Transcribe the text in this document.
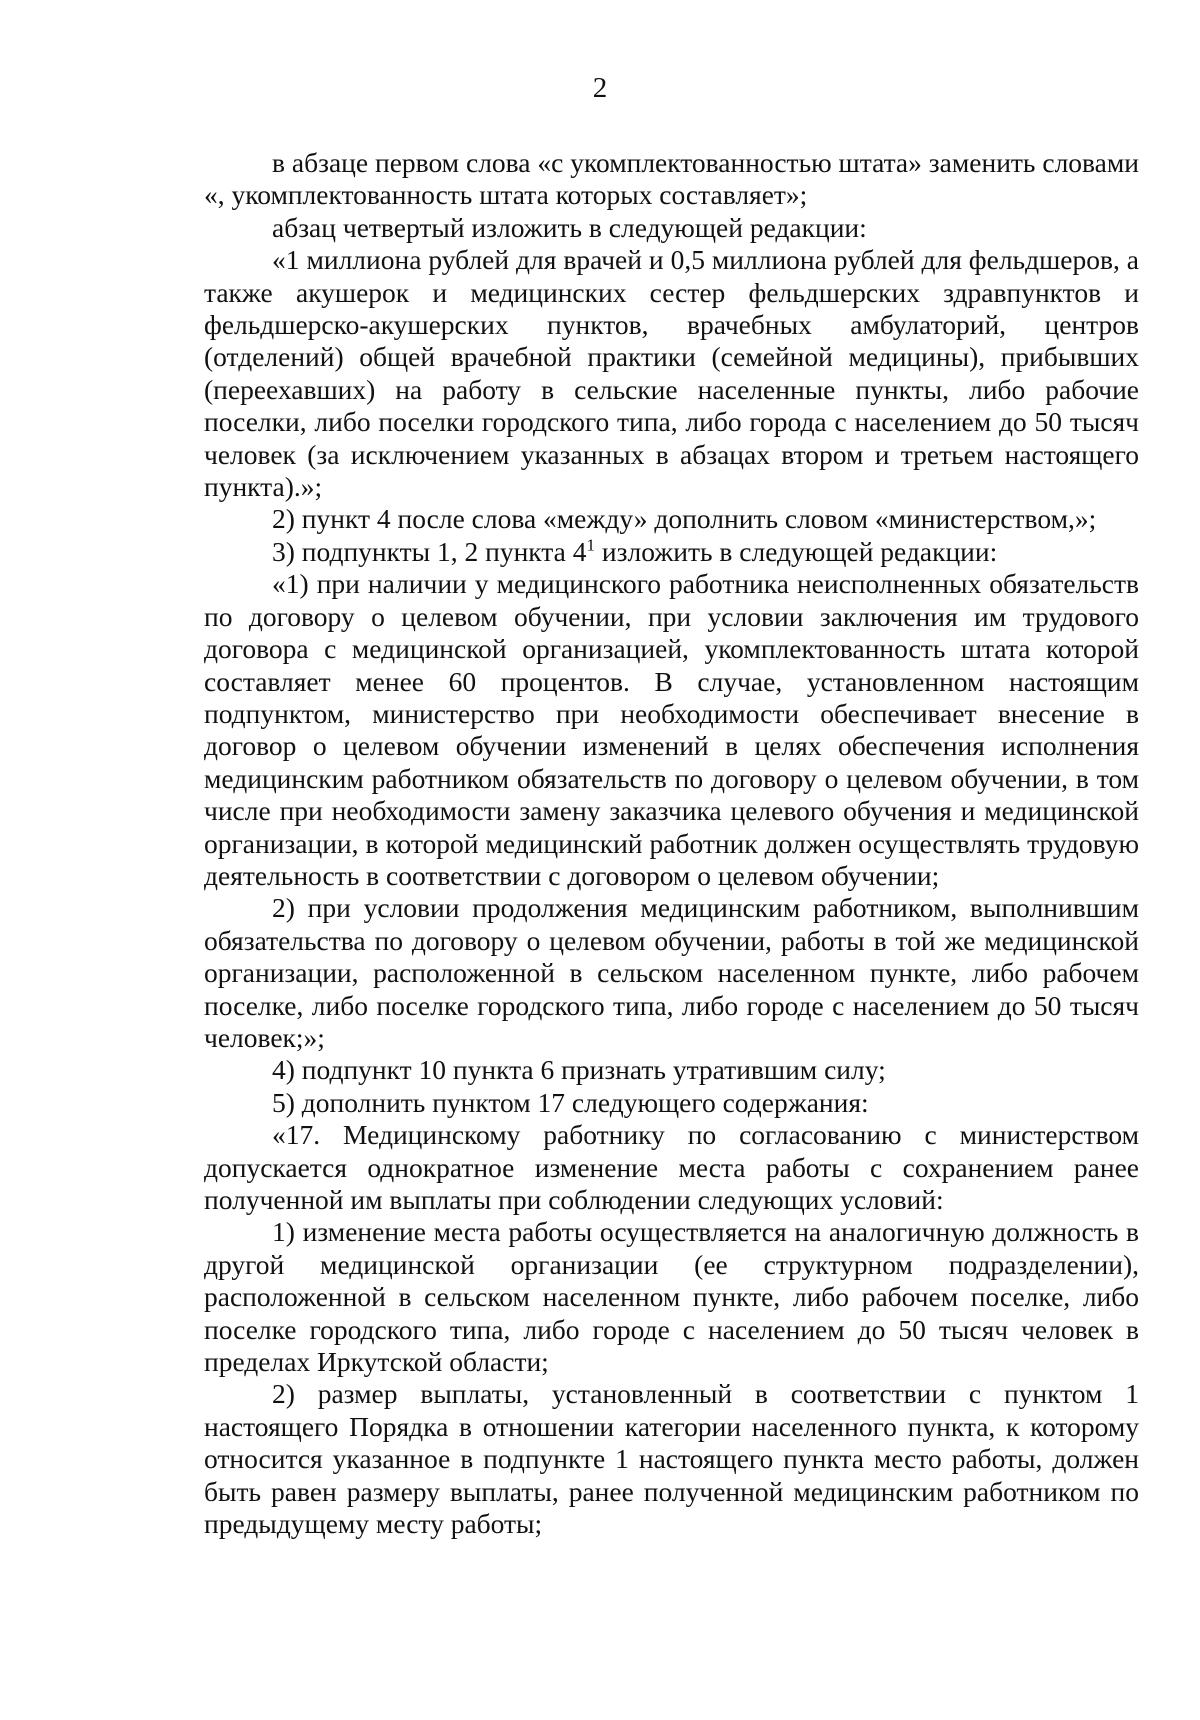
2

в абзаце первом слова «с укомплектованностью штата» заменить словами «, укомплектованность штата которых составляет»;

абзац четвертый изложить в следующей редакции:

«1 миллиона рублей для врачей и 0,5 миллиона рублей для фельдшеров, а также акушерок и медицинских сестер фельдшерских здравпунктов и фельдшерско-акушерских пунктов, врачебных амбулаторий, центров (отделений) общей врачебной практики (семейной медицины), прибывших (переехавших) на работу в сельские населенные пункты, либо рабочие поселки, либо поселки городского типа, либо города с населением до 50 тысяч человек (за исключением указанных в абзацах втором и третьем настоящего пункта).»;

2) пункт 4 после слова «между» дополнить словом «министерством,»;

3) подпункты 1, 2 пункта $4^1$ изложить в следующей редакции:

«1) при наличии у медицинского работника неисполненных обязательств по договору о целевом обучении, при условии заключения им трудового договора с медицинской организацией, укомплектованность штата которой составляет менее 60 процентов. В случае, установленном настоящим подпунктом, министерство при необходимости обеспечивает внесение в договор о целевом обучении изменений в целях обеспечения исполнения медицинским работником обязательств по договору о целевом обучении, в том числе при необходимости замену заказчика целевого обучения и медицинской организации, в которой медицинский работник должен осуществлять трудовую деятельность в соответствии с договором о целевом обучении;

2) при условии продолжения медицинским работником, выполнившим обязательства по договору о целевом обучении, работы в той же медицинской организации, расположенной в сельском населенном пункте, либо рабочем поселке, либо поселке городского типа, либо городе с населением до 50 тысяч человек;»;

4) подпункт 10 пункта 6 признать утратившим силу;

5) дополнить пунктом 17 следующего содержания:

«17. Медицинскому работнику по согласованию с министерством допускается однократное изменение места работы с сохранением ранее полученной им выплаты при соблюдении следующих условий:

1) изменение места работы осуществляется на аналогичную должность в другой медицинской организации (ее структурном подразделении), расположенной в сельском населенном пункте, либо рабочем поселке, либо поселке городского типа, либо городе с населением до 50 тысяч человек в пределах Иркутской области;

2) размер выплаты, установленный в соответствии с пунктом 1 настоящего Порядка в отношении категории населенного пункта, к которому относится указанное в подпункте 1 настоящего пункта место работы, должен быть равен размеру выплаты, ранее полученной медицинским работником по предыдущему месту работы;
